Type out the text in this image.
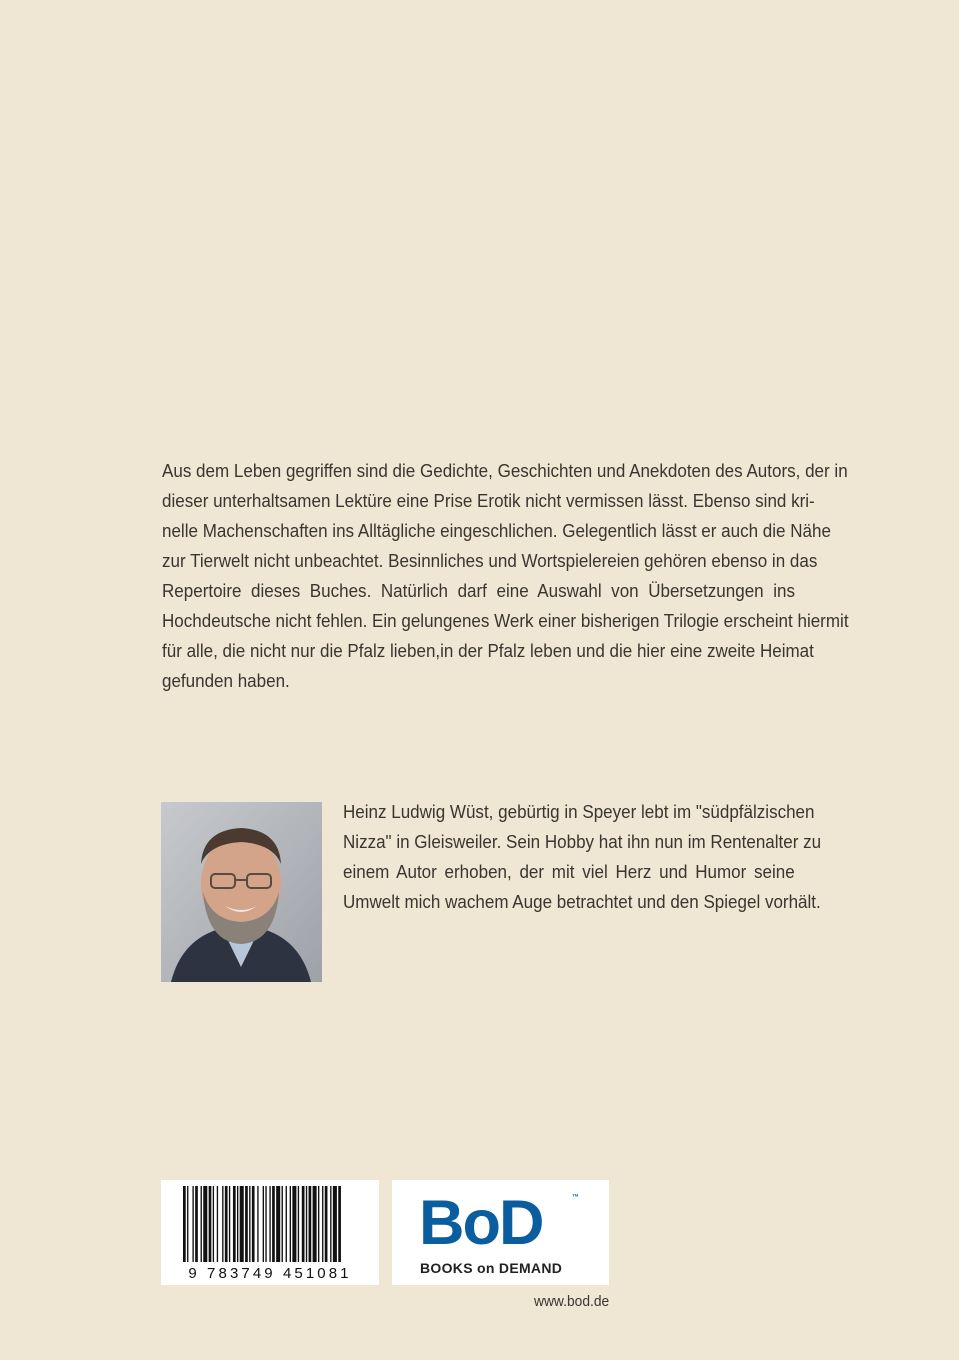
Aus dem Leben gegriffen sind die Gedichte, Geschichten und Anekdoten des Autors, der in
dieser unterhaltsamen Lektüre eine Prise Erotik nicht vermissen lässt. Ebenso sind kri-
nelle Machenschaften ins Alltägliche eingeschlichen. Gelegentlich lässt er auch die Nähe
zur Tierwelt nicht unbeachtet. Besinnliches und Wortspielereien gehören ebenso in das
Repertoire dieses Buches. Natürlich darf eine Auswahl von Übersetzungen ins
Hochdeutsche nicht fehlen. Ein gelungenes Werk einer bisherigen Trilogie erscheint hiermit
für alle, die nicht nur die Pfalz lieben,in der Pfalz leben und die hier eine zweite Heimat
gefunden haben.
Heinz Ludwig Wüst, gebürtig in Speyer lebt im "südpfälzischen
Nizza" in Gleisweiler. Sein Hobby hat ihn nun im Rentenalter zu
einem Autor erhoben, der mit viel Herz und Humor seine
Umwelt mich wachem Auge betrachtet und den Spiegel vorhält.
9 783749 451081
BoD	™
BOOKS on DEMAND
www.bod.de
